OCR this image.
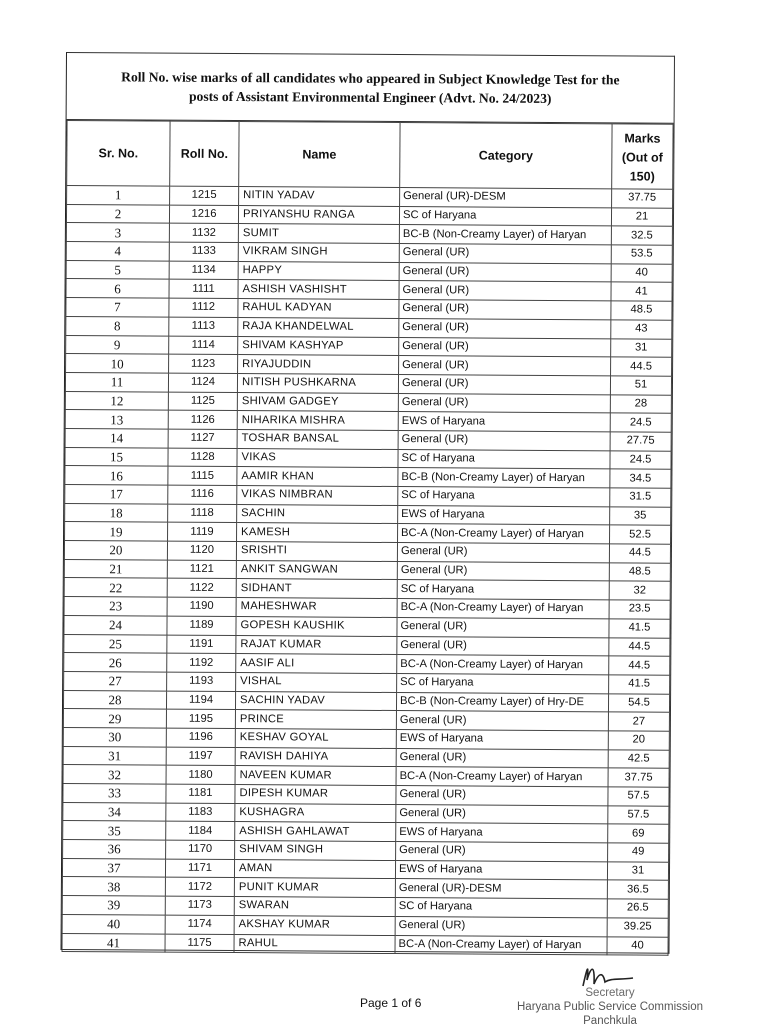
Roll No. wise marks of all candidates who appeared in Subject Knowledge Test for the
posts of Assistant Environmental Engineer (Advt. No. 24/2023)
Sr. No.	Roll No.	Name	Category	Marks
(Out of
150)

1	1215	NITIN YADAV	General (UR)-DESM	37.75
2	1216	PRIYANSHU RANGA	SC of Haryana	21
3	1132	SUMIT	BC-B (Non-Creamy Layer) of Haryan	32.5
4	1133	VIKRAM SINGH	General (UR)	53.5
5	1134	HAPPY	General (UR)	40
6	1111	ASHISH VASHISHT	General (UR)	41
7	1112	RAHUL KADYAN	General (UR)	48.5
8	1113	RAJA KHANDELWAL	General (UR)	43
9	1114	SHIVAM KASHYAP	General (UR)	31
10	1123	RIYAJUDDIN	General (UR)	44.5
11	1124	NITISH PUSHKARNA	General (UR)	51
12	1125	SHIVAM GADGEY	General (UR)	28
13	1126	NIHARIKA MISHRA	EWS of Haryana	24.5
14	1127	TOSHAR BANSAL	General (UR)	27.75
15	1128	VIKAS	SC of Haryana	24.5
16	1115	AAMIR KHAN	BC-B (Non-Creamy Layer) of Haryan	34.5
17	1116	VIKAS NIMBRAN	SC of Haryana	31.5
18	1118	SACHIN	EWS of Haryana	35
19	1119	KAMESH	BC-A (Non-Creamy Layer) of Haryan	52.5
20	1120	SRISHTI	General (UR)	44.5
21	1121	ANKIT SANGWAN	General (UR)	48.5
22	1122	SIDHANT	SC of Haryana	32
23	1190	MAHESHWAR	BC-A (Non-Creamy Layer) of Haryan	23.5
24	1189	GOPESH KAUSHIK	General (UR)	41.5
25	1191	RAJAT KUMAR	General (UR)	44.5
26	1192	AASIF ALI	BC-A (Non-Creamy Layer) of Haryan	44.5
27	1193	VISHAL	SC of Haryana	41.5
28	1194	SACHIN YADAV	BC-B (Non-Creamy Layer) of Hry-DE	54.5
29	1195	PRINCE	General (UR)	27
30	1196	KESHAV GOYAL	EWS of Haryana	20
31	1197	RAVISH DAHIYA	General (UR)	42.5
32	1180	NAVEEN KUMAR	BC-A (Non-Creamy Layer) of Haryan	37.75
33	1181	DIPESH KUMAR	General (UR)	57.5
34	1183	KUSHAGRA	General (UR)	57.5
35	1184	ASHISH GAHLAWAT	EWS of Haryana	69
36	1170	SHIVAM SINGH	General (UR)	49
37	1171	AMAN	EWS of Haryana	31
38	1172	PUNIT KUMAR	General (UR)-DESM	36.5
39	1173	SWARAN	SC of Haryana	26.5
40	1174	AKSHAY KUMAR	General (UR)	39.25
41	1175	RAHUL	BC-A (Non-Creamy Layer) of Haryan	40
Page 1 of 6
Secretary
Haryana Public Service Commission
Panchkula
